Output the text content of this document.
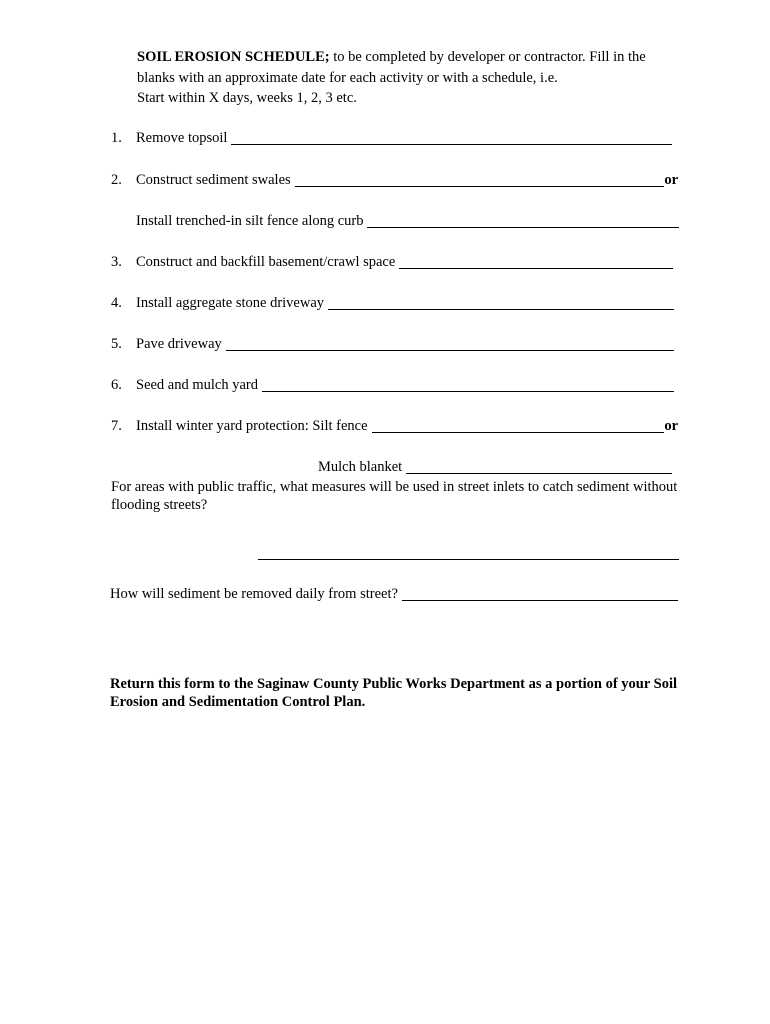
SOIL EROSION SCHEDULE; to be completed by developer or contractor. Fill in the
blanks with an approximate date for each activity or with a schedule, i.e.
Start within X days, weeks 1, 2, 3 etc.
1. Remove topsoil
2. Construct sediment swales	or
Install trenched-in silt fence along curb
3. Construct and backfill basement/crawl space
4. Install aggregate stone driveway
5. Pave driveway
6. Seed and mulch yard
7. Install winter yard protection: Silt fence	or
Mulch blanket
For areas with public traffic, what measures will be used in street inlets to catch sediment without flooding streets?
How will sediment be removed daily from street?
Return this form to the Saginaw County Public Works Department as a portion of your Soil Erosion and Sedimentation Control Plan.
